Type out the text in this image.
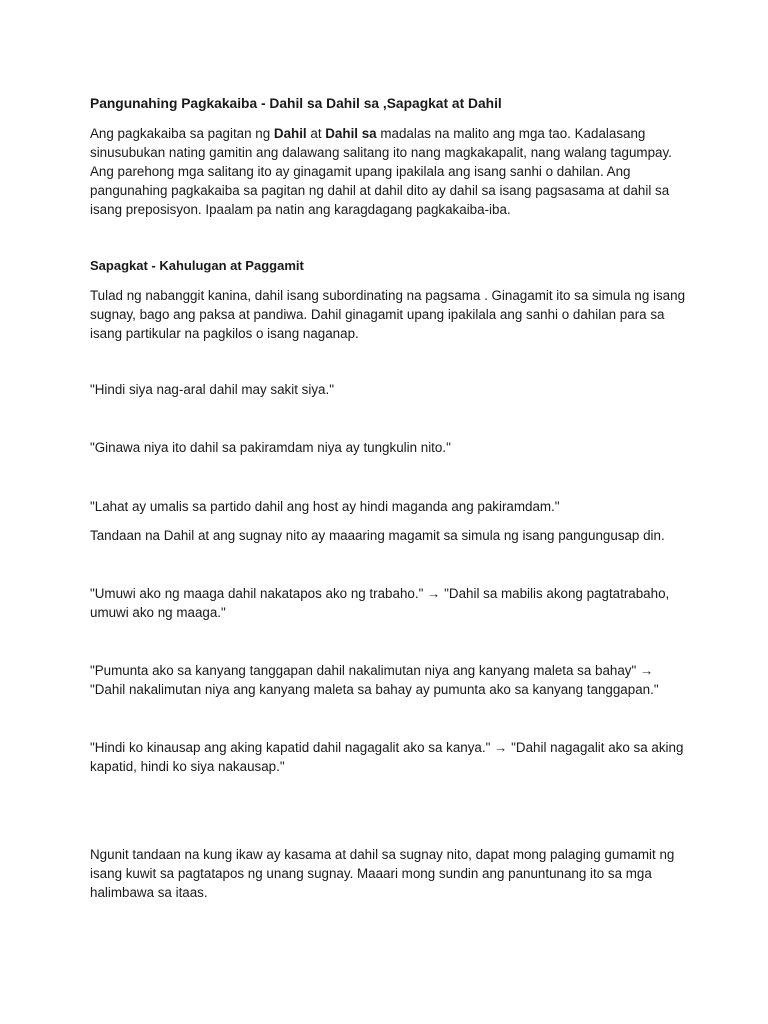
Pangunahing Pagkakaiba - Dahil sa Dahil sa ,Sapagkat at Dahil

Ang pagkakaiba sa pagitan ng Dahil at Dahil sa madalas na malito ang mga tao. Kadalasang sinusubukan nating gamitin ang dalawang salitang ito nang magkakapalit, nang walang tagumpay. Ang parehong mga salitang ito ay ginagamit upang ipakilala ang isang sanhi o dahilan. Ang pangunahing pagkakaiba sa pagitan ng dahil at dahil dito ay dahil sa isang pagsasama at dahil sa isang preposisyon. Ipaalam pa natin ang karagdagang pagkakaiba-iba.

Sapagkat - Kahulugan at Paggamit

Tulad ng nabanggit kanina, dahil isang subordinating na pagsama . Ginagamit ito sa simula ng isang sugnay, bago ang paksa at pandiwa. Dahil ginagamit upang ipakilala ang sanhi o dahilan para sa isang partikular na pagkilos o isang naganap.

"Hindi siya nag-aral dahil may sakit siya."

"Ginawa niya ito dahil sa pakiramdam niya ay tungkulin nito."

"Lahat ay umalis sa partido dahil ang host ay hindi maganda ang pakiramdam."

Tandaan na Dahil at ang sugnay nito ay maaaring magamit sa simula ng isang pangungusap din.

"Umuwi ako ng maaga dahil nakatapos ako ng trabaho." → "Dahil sa mabilis akong pagtatrabaho, umuwi ako ng maaga."

"Pumunta ako sa kanyang tanggapan dahil nakalimutan niya ang kanyang maleta sa bahay" → "Dahil nakalimutan niya ang kanyang maleta sa bahay ay pumunta ako sa kanyang tanggapan."

"Hindi ko kinausap ang aking kapatid dahil nagagalit ako sa kanya." → "Dahil nagagalit ako sa aking kapatid, hindi ko siya nakausap."

Ngunit tandaan na kung ikaw ay kasama at dahil sa sugnay nito, dapat mong palaging gumamit ng isang kuwit sa pagtatapos ng unang sugnay. Maaari mong sundin ang panuntunang ito sa mga halimbawa sa itaas.
